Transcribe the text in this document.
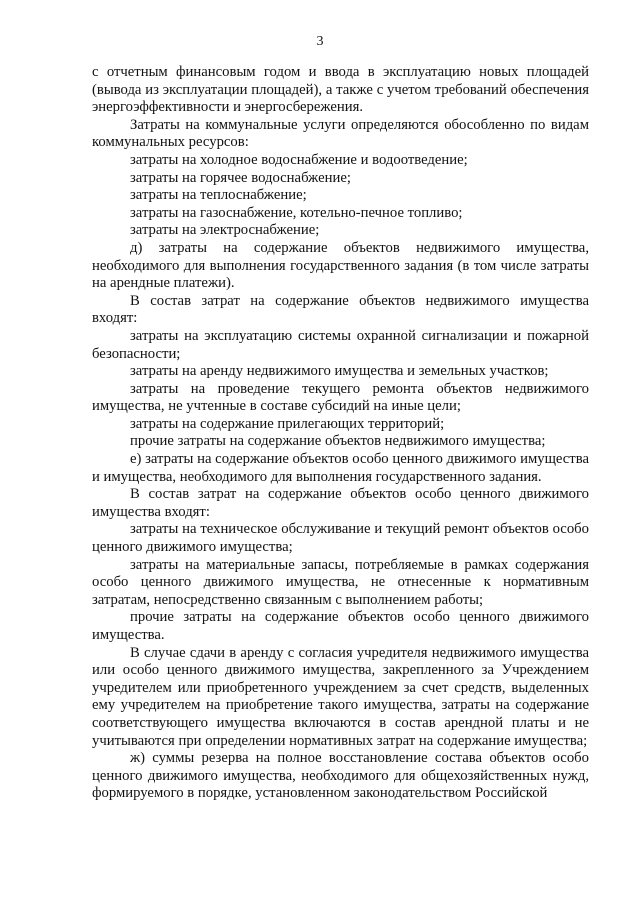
3

с отчетным финансовым годом и ввода в эксплуатацию новых площадей (вывода из эксплуатации площадей), а также с учетом требований обеспечения энергоэффективности и энергосбережения.

Затраты на коммунальные услуги определяются обособленно по видам коммунальных ресурсов:

затраты на холодное водоснабжение и водоотведение;

затраты на горячее водоснабжение;

затраты на теплоснабжение;

затраты на газоснабжение, котельно-печное топливо;

затраты на электроснабжение;

д) затраты на содержание объектов недвижимого имущества, необходимого для выполнения государственного задания (в том числе затраты на арендные платежи).

В состав затрат на содержание объектов недвижимого имущества входят:

затраты на эксплуатацию системы охранной сигнализации и пожарной безопасности;

затраты на аренду недвижимого имущества и земельных участков;

затраты на проведение текущего ремонта объектов недвижимого имущества, не учтенные в составе субсидий на иные цели;

затраты на содержание прилегающих территорий;

прочие затраты на содержание объектов недвижимого имущества;

е) затраты на содержание объектов особо ценного движимого имущества и имущества, необходимого для выполнения государственного задания.

В состав затрат на содержание объектов особо ценного движимого имущества входят:

затраты на техническое обслуживание и текущий ремонт объектов особо ценного движимого имущества;

затраты на материальные запасы, потребляемые в рамках содержания особо ценного движимого имущества, не отнесенные к нормативным затратам, непосредственно связанным с выполнением работы;

прочие затраты на содержание объектов особо ценного движимого имущества.

В случае сдачи в аренду с согласия учредителя недвижимого имущества или особо ценного движимого имущества, закрепленного за Учреждением учредителем или приобретенного учреждением за счет средств, выделенных ему учредителем на приобретение такого имущества, затраты на содержание соответствующего имущества включаются в состав арендной платы и не учитываются при определении нормативных затрат на содержание имущества;

ж) суммы резерва на полное восстановление состава объектов особо ценного движимого имущества, необходимого для общехозяйственных нужд, формируемого в порядке, установленном законодательством Российской
